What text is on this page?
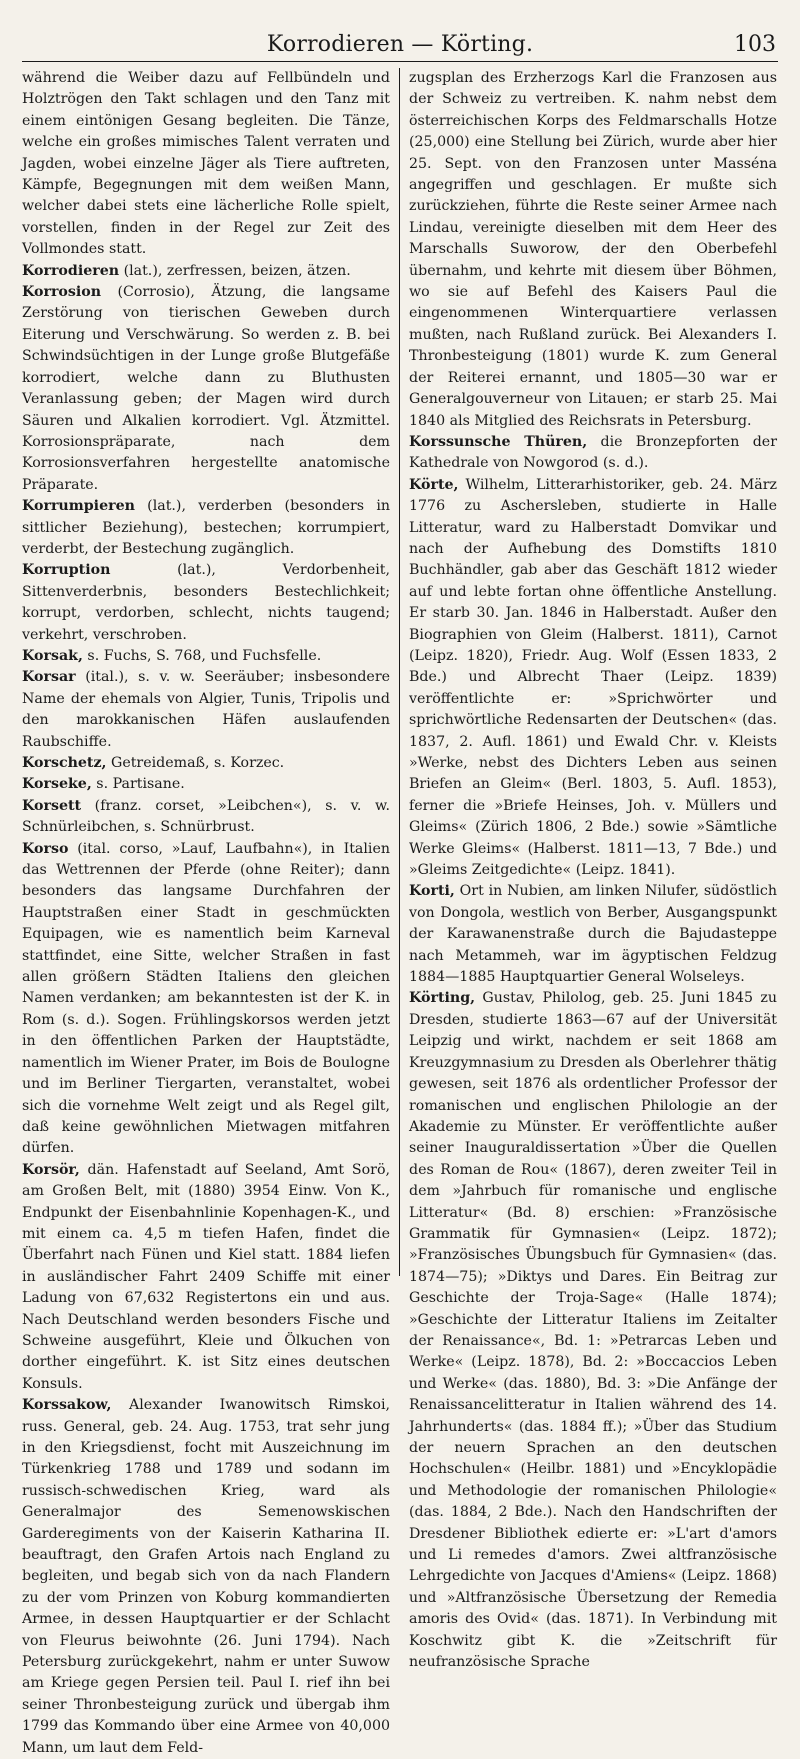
Korrodieren — Körting.	103

während die Weiber dazu auf Fellbündeln und Holztrögen den Takt schlagen und den Tanz mit einem eintönigen Gesang begleiten. Die Tänze, welche ein großes mimisches Talent verraten und Jagden, wobei einzelne Jäger als Tiere auftreten, Kämpfe, Begegnungen mit dem weißen Mann, welcher dabei stets eine lächerliche Rolle spielt, vorstellen, finden in der Regel zur Zeit des Vollmondes statt.

Korrodieren (lat.), zerfressen, beizen, ätzen.

Korrosion (Corrosio), Ätzung, die langsame Zerstörung von tierischen Geweben durch Eiterung und Verschwärung. So werden z. B. bei Schwindsüchtigen in der Lunge große Blutgefäße korrodiert, welche dann zu Bluthusten Veranlassung geben; der Magen wird durch Säuren und Alkalien korrodiert. Vgl. Ätzmittel. Korrosionspräparate, nach dem Korrosionsverfahren hergestellte anatomische Präparate.

Korrumpieren (lat.), verderben (besonders in sittlicher Beziehung), bestechen; korrumpiert, verderbt, der Bestechung zugänglich.

Korruption (lat.), Verdorbenheit, Sittenverderbnis, besonders Bestechlichkeit; korrupt, verdorben, schlecht, nichts taugend; verkehrt, verschroben.

Korsak, s. Fuchs, S. 768, und Fuchsfelle.

Korsar (ital.), s. v. w. Seeräuber; insbesondere Name der ehemals von Algier, Tunis, Tripolis und den marokkanischen Häfen auslaufenden Raubschiffe.

Korschetz, Getreidemaß, s. Korzec.

Korseke, s. Partisane.

Korsett (franz. corset, »Leibchen«), s. v. w. Schnürleibchen, s. Schnürbrust.

Korso (ital. corso, »Lauf, Laufbahn«), in Italien das Wettrennen der Pferde (ohne Reiter); dann besonders das langsame Durchfahren der Hauptstraßen einer Stadt in geschmückten Equipagen, wie es namentlich beim Karneval stattfindet, eine Sitte, welcher Straßen in fast allen größern Städten Italiens den gleichen Namen verdanken; am bekanntesten ist der K. in Rom (s. d.). Sogen. Frühlingskorsos werden jetzt in den öffentlichen Parken der Hauptstädte, namentlich im Wiener Prater, im Bois de Boulogne und im Berliner Tiergarten, veranstaltet, wobei sich die vornehme Welt zeigt und als Regel gilt, daß keine gewöhnlichen Mietwagen mitfahren dürfen.

Korsör, dän. Hafenstadt auf Seeland, Amt Sorö, am Großen Belt, mit (1880) 3954 Einw. Von K., Endpunkt der Eisenbahnlinie Kopenhagen-K., und mit einem ca. 4,5 m tiefen Hafen, findet die Überfahrt nach Fünen und Kiel statt. 1884 liefen in ausländischer Fahrt 2409 Schiffe mit einer Ladung von 67,632 Registertons ein und aus. Nach Deutschland werden besonders Fische und Schweine ausgeführt, Kleie und Ölkuchen von dorther eingeführt. K. ist Sitz eines deutschen Konsuls.

Korssakow, Alexander Iwanowitsch Rimskoi, russ. General, geb. 24. Aug. 1753, trat sehr jung in den Kriegsdienst, focht mit Auszeichnung im Türkenkrieg 1788 und 1789 und sodann im russisch-schwedischen Krieg, ward als Generalmajor des Semenowskischen Garderegiments von der Kaiserin Katharina II. beauftragt, den Grafen Artois nach England zu begleiten, und begab sich von da nach Flandern zu der vom Prinzen von Koburg kommandierten Armee, in dessen Hauptquartier er der Schlacht von Fleurus beiwohnte (26. Juni 1794). Nach Petersburg zurückgekehrt, nahm er unter Suwow am Kriege gegen Persien teil. Paul I. rief ihn bei seiner Thronbesteigung zurück und übergab ihm 1799 das Kommando über eine Armee von 40,000 Mann, um laut dem Feld-

zugsplan des Erzherzogs Karl die Franzosen aus der Schweiz zu vertreiben. K. nahm nebst dem österreichischen Korps des Feldmarschalls Hotze (25,000) eine Stellung bei Zürich, wurde aber hier 25. Sept. von den Franzosen unter Masséna angegriffen und geschlagen. Er mußte sich zurückziehen, führte die Reste seiner Armee nach Lindau, vereinigte dieselben mit dem Heer des Marschalls Suworow, der den Oberbefehl übernahm, und kehrte mit diesem über Böhmen, wo sie auf Befehl des Kaisers Paul die eingenommenen Winterquartiere verlassen mußten, nach Rußland zurück. Bei Alexanders I. Thronbesteigung (1801) wurde K. zum General der Reiterei ernannt, und 1805—30 war er Generalgouverneur von Litauen; er starb 25. Mai 1840 als Mitglied des Reichsrats in Petersburg.

Korssunsche Thüren, die Bronzepforten der Kathedrale von Nowgorod (s. d.).

Körte, Wilhelm, Litterarhistoriker, geb. 24. März 1776 zu Aschersleben, studierte in Halle Litteratur, ward zu Halberstadt Domvikar und nach der Aufhebung des Domstifts 1810 Buchhändler, gab aber das Geschäft 1812 wieder auf und lebte fortan ohne öffentliche Anstellung. Er starb 30. Jan. 1846 in Halberstadt. Außer den Biographien von Gleim (Halberst. 1811), Carnot (Leipz. 1820), Friedr. Aug. Wolf (Essen 1833, 2 Bde.) und Albrecht Thaer (Leipz. 1839) veröffentlichte er: »Sprichwörter und sprichwörtliche Redensarten der Deutschen« (das. 1837, 2. Aufl. 1861) und Ewald Chr. v. Kleists »Werke, nebst des Dichters Leben aus seinen Briefen an Gleim« (Berl. 1803, 5. Aufl. 1853), ferner die »Briefe Heinses, Joh. v. Müllers und Gleims« (Zürich 1806, 2 Bde.) sowie »Sämtliche Werke Gleims« (Halberst. 1811—13, 7 Bde.) und »Gleims Zeitgedichte« (Leipz. 1841).

Korti, Ort in Nubien, am linken Nilufer, südöstlich von Dongola, westlich von Berber, Ausgangspunkt der Karawanenstraße durch die Bajudasteppe nach Metammeh, war im ägyptischen Feldzug 1884—1885 Hauptquartier General Wolseleys.

Körting, Gustav, Philolog, geb. 25. Juni 1845 zu Dresden, studierte 1863—67 auf der Universität Leipzig und wirkt, nachdem er seit 1868 am Kreuzgymnasium zu Dresden als Oberlehrer thätig gewesen, seit 1876 als ordentlicher Professor der romanischen und englischen Philologie an der Akademie zu Münster. Er veröffentlichte außer seiner Inauguraldissertation »Über die Quellen des Roman de Rou« (1867), deren zweiter Teil in dem »Jahrbuch für romanische und englische Litteratur« (Bd. 8) erschien: »Französische Grammatik für Gymnasien« (Leipz. 1872); »Französisches Übungsbuch für Gymnasien« (das. 1874—75); »Diktys und Dares. Ein Beitrag zur Geschichte der Troja-Sage« (Halle 1874); »Geschichte der Litteratur Italiens im Zeitalter der Renaissance«, Bd. 1: »Petrarcas Leben und Werke« (Leipz. 1878), Bd. 2: »Boccaccios Leben und Werke« (das. 1880), Bd. 3: »Die Anfänge der Renaissancelitteratur in Italien während des 14. Jahrhunderts« (das. 1884 ff.); »Über das Studium der neuern Sprachen an den deutschen Hochschulen« (Heilbr. 1881) und »Encyklopädie und Methodologie der romanischen Philologie« (das. 1884, 2 Bde.). Nach den Handschriften der Dresdener Bibliothek edierte er: »L'art d'amors und Li remedes d'amors. Zwei altfranzösische Lehrgedichte von Jacques d'Amiens« (Leipz. 1868) und »Altfranzösische Übersetzung der Remedia amoris des Ovid« (das. 1871). In Verbindung mit Koschwitz gibt K. die »Zeitschrift für neufranzösische Sprache
